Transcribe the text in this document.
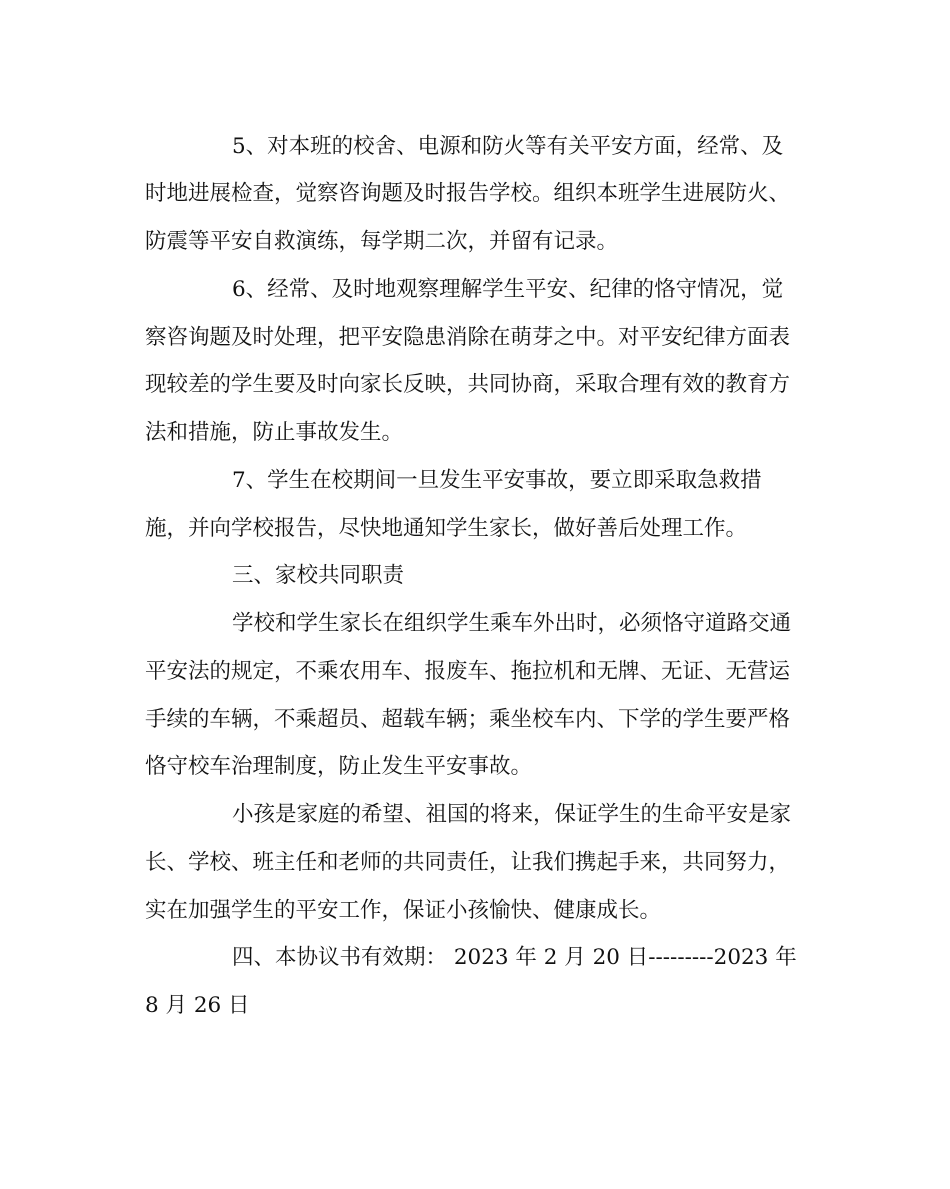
5、对本班的校舍、电源和防火等有关平安方面，经常、及
时地进展检查，觉察咨询题及时报告学校。组织本班学生进展防火、
防震等平安自救演练，每学期二次，并留有记录。
6、经常、及时地观察理解学生平安、纪律的恪守情况，觉
察咨询题及时处理，把平安隐患消除在萌芽之中。对平安纪律方面表
现较差的学生要及时向家长反映，共同协商，采取合理有效的教育方
法和措施，防止事故发生。
7、学生在校期间一旦发生平安事故，要立即采取急救措
施，并向学校报告，尽快地通知学生家长，做好善后处理工作。
三、家校共同职责
学校和学生家长在组织学生乘车外出时，必须恪守道路交通
平安法的规定，不乘农用车、报废车、拖拉机和无牌、无证、无营运
手续的车辆，不乘超员、超载车辆；乘坐校车内、下学的学生要严格
恪守校车治理制度，防止发生平安事故。
小孩是家庭的希望、祖国的将来，保证学生的生命平安是家
长、学校、班主任和老师的共同责任，让我们携起手来，共同努力，
实在加强学生的平安工作，保证小孩愉快、健康成长。
四、本协议书有效期： 2023 年 2 月 20 日---------2023 年
8 月 26 日
